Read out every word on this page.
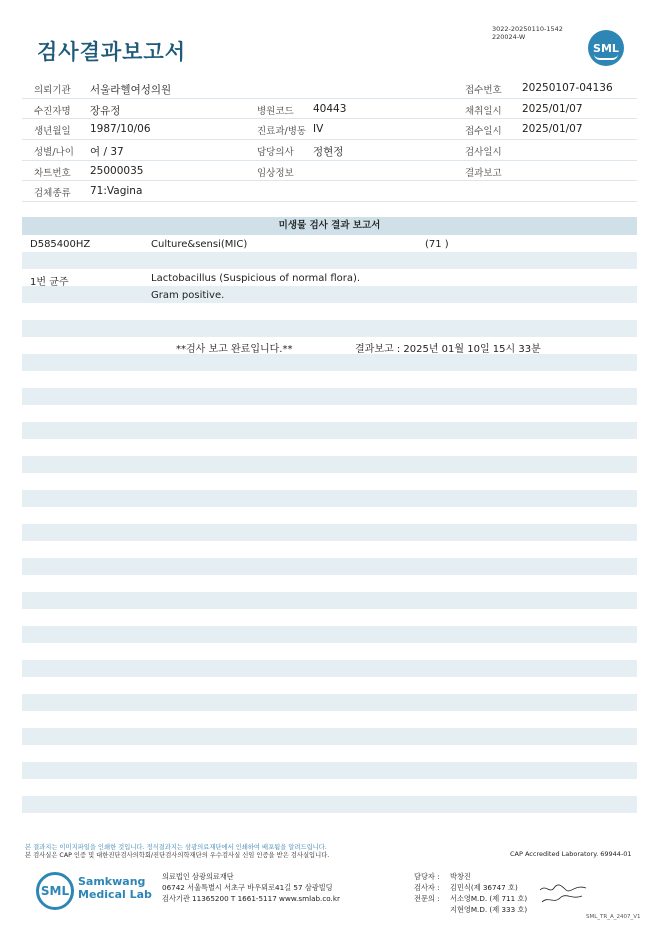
3022-20250110-1542
220024-W
검사결과보고서	SML
의뢰기관 서울라헬여성의원	접수번호 20250107-04136
수진자명 장유정	병원코드 40443	채취일시 2025/01/07
생년월일 1987/10/06	진료과/병동 IV	접수일시 2025/01/07
성별/나이 여 / 37	담당의사 정현정	검사일시
차트번호 25000035	임상정보	결과보고
검체종류 71:Vagina
미생물 검사 결과 보고서
D585400HZ	Culture&sensi(MIC)	(71 )
1번 균주	Lactobacillus (Suspicious of normal flora).
Gram positive.
**검사 보고 완료입니다.**	결과보고 : 2025년 01월 10일 15시 33분
본 결과지는 이미지파일을 인쇄한 것입니다. 정식결과지는 삼광의료재단에서 인쇄하여 배포됨을 알려드립니다.
본 검사실은 CAP 인증 및 대한진단검사의학회/진단검사의학재단의 우수검사실 신임 인증을 받은 검사실입니다.	CAP Accredited Laboratory. 69944-01
SML
Samkwang
Medical Lab
의료법인 삼광의료재단
06742 서울특별시 서초구 바우뫼로41길 57 삼광빌딩
검사기관 11365200 T 1661-5117 www.smlab.co.kr
담당자 : 박창진
검사자 : 김민식(제 36747 호)
전문의 : 서소영M.D. (제 711 호)
지현영M.D. (제 333 호)
SML_TR_A_2407_V1
